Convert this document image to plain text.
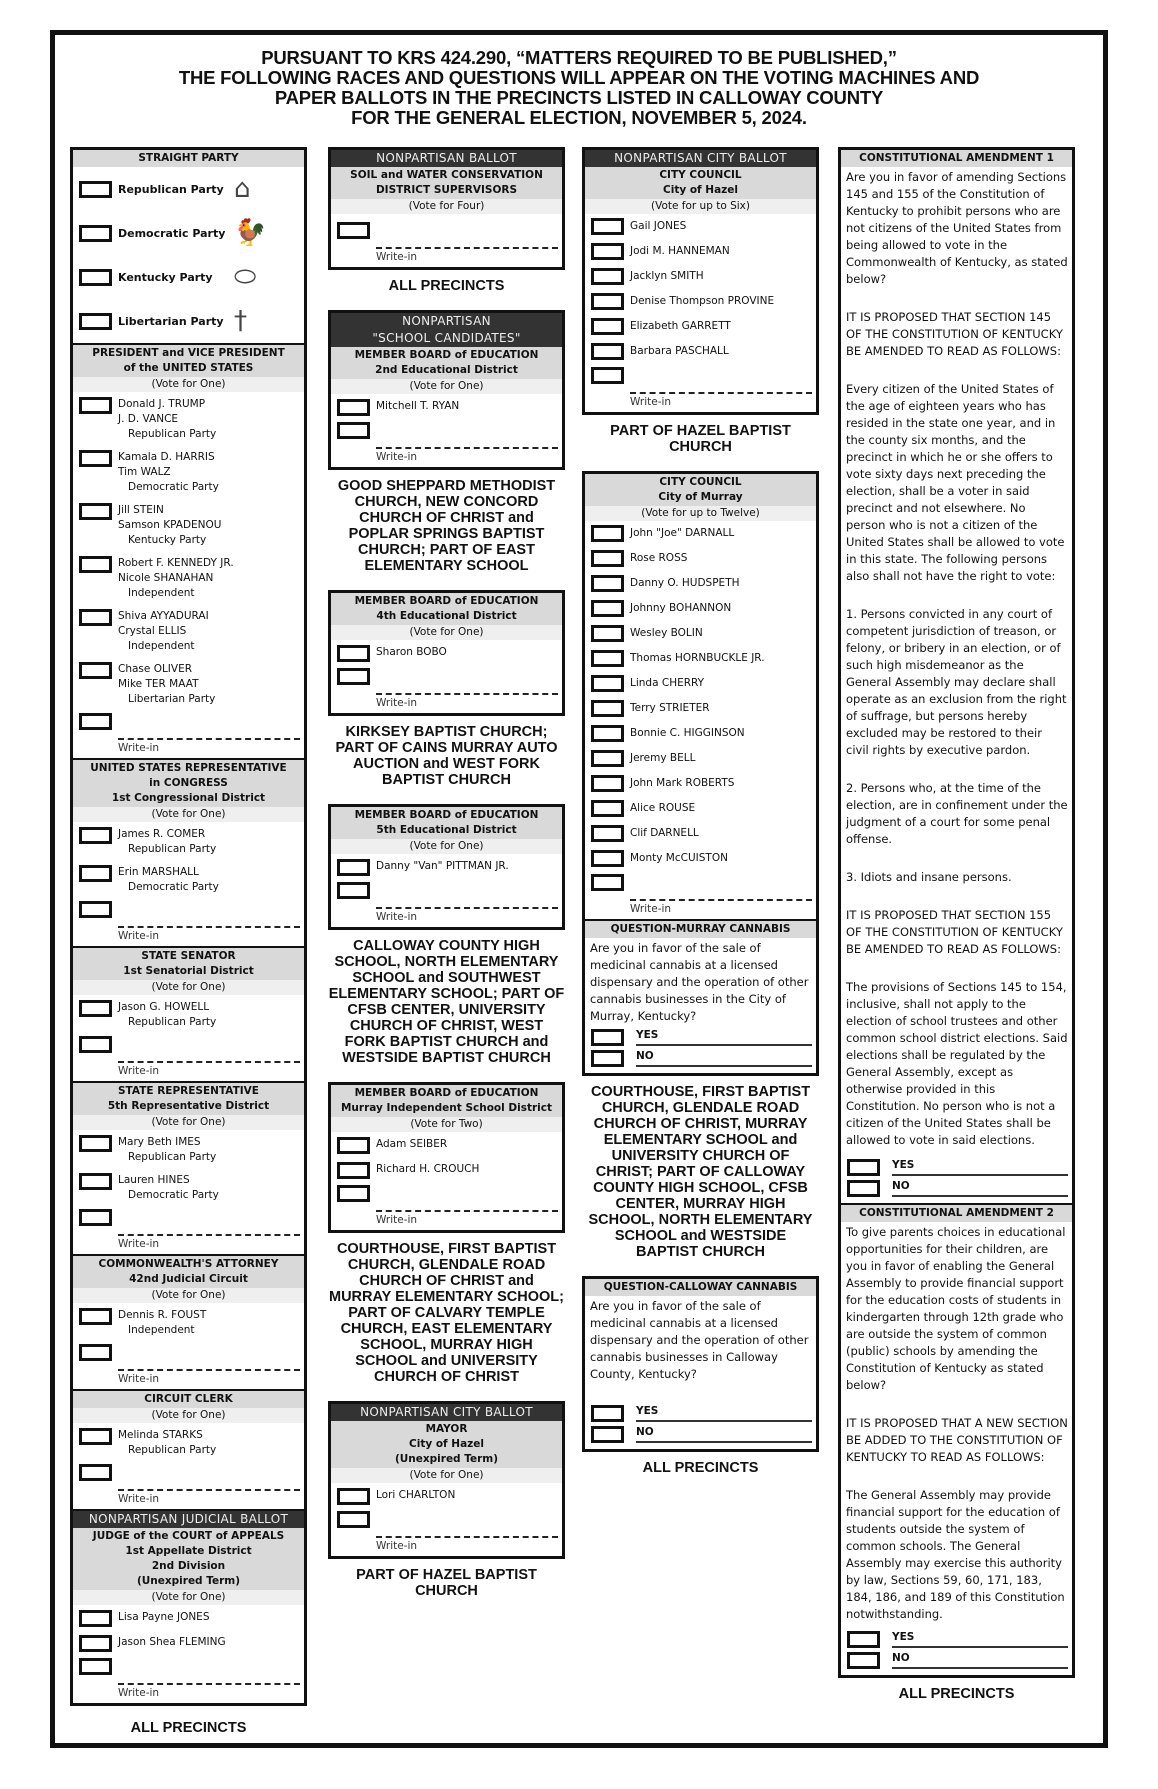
PURSUANT TO KRS 424.290, “MATTERS REQUIRED TO BE PUBLISHED,”
THE FOLLOWING RACES AND QUESTIONS WILL APPEAR ON THE VOTING MACHINES AND
PAPER BALLOTS IN THE PRECINCTS LISTED IN CALLOWAY COUNTY
FOR THE GENERAL ELECTION, NOVEMBER 5, 2024.
STRAIGHT PARTY
Republican Party ⌂
Democratic Party 🐓
Kentucky Party ⬭
Libertarian Party †
PRESIDENT and VICE PRESIDENT
of the UNITED STATES
(Vote for One)
Donald J. TRUMP
J. D. VANCE
Republican Party
Kamala D. HARRIS
Tim WALZ
Democratic Party
Jill STEIN
Samson KPADENOU
Kentucky Party
Robert F. KENNEDY JR.
Nicole SHANAHAN
Independent
Shiva AYYADURAI
Crystal ELLIS
Independent
Chase OLIVER
Mike TER MAAT
Libertarian Party
Write-in
UNITED STATES REPRESENTATIVE
in CONGRESS
1st Congressional District
(Vote for One)
James R. COMER
Republican Party
Erin MARSHALL
Democratic Party
Write-in
STATE SENATOR
1st Senatorial District
(Vote for One)
Jason G. HOWELL
Republican Party
Write-in
STATE REPRESENTATIVE
5th Representative District
(Vote for One)
Mary Beth IMES
Republican Party
Lauren HINES
Democratic Party
Write-in
COMMONWEALTH'S ATTORNEY
42nd Judicial Circuit
(Vote for One)
Dennis R. FOUST
Independent
Write-in
CIRCUIT CLERK
(Vote for One)
Melinda STARKS
Republican Party
Write-in
NONPARTISAN JUDICIAL BALLOT
JUDGE of the COURT of APPEALS
1st Appellate District
2nd Division
(Unexpired Term)
(Vote for One)
Lisa Payne JONES
Jason Shea FLEMING
Write-in
ALL PRECINCTS
NONPARTISAN BALLOT
SOIL and WATER CONSERVATION
DISTRICT SUPERVISORS
(Vote for Four)
Write-in
ALL PRECINCTS
NONPARTISAN
"SCHOOL CANDIDATES"
MEMBER BOARD of EDUCATION
2nd Educational District
(Vote for One)
Mitchell T. RYAN
Write-in
GOOD SHEPPARD METHODIST CHURCH, NEW CONCORD CHURCH OF CHRIST and POPLAR SPRINGS BAPTIST CHURCH; PART OF EAST ELEMENTARY SCHOOL
MEMBER BOARD of EDUCATION
4th Educational District
(Vote for One)
Sharon BOBO
Write-in
KIRKSEY BAPTIST CHURCH; PART OF CAINS MURRAY AUTO AUCTION and WEST FORK BAPTIST CHURCH
MEMBER BOARD of EDUCATION
5th Educational District
(Vote for One)
Danny "Van" PITTMAN JR.
Write-in
CALLOWAY COUNTY HIGH SCHOOL, NORTH ELEMENTARY SCHOOL and SOUTHWEST ELEMENTARY SCHOOL; PART OF CFSB CENTER, UNIVERSITY CHURCH OF CHRIST, WEST FORK BAPTIST CHURCH and WESTSIDE BAPTIST CHURCH
MEMBER BOARD of EDUCATION
Murray Independent School District
(Vote for Two)
Adam SEIBER
Richard H. CROUCH
Write-in
COURTHOUSE, FIRST BAPTIST CHURCH, GLENDALE ROAD CHURCH OF CHRIST and MURRAY ELEMENTARY SCHOOL; PART OF CALVARY TEMPLE CHURCH, EAST ELEMENTARY SCHOOL, MURRAY HIGH SCHOOL and UNIVERSITY CHURCH OF CHRIST
NONPARTISAN CITY BALLOT
MAYOR
City of Hazel
(Unexpired Term)
(Vote for One)
Lori CHARLTON
Write-in
PART OF HAZEL BAPTIST CHURCH
NONPARTISAN CITY BALLOT
CITY COUNCIL
City of Hazel
(Vote for up to Six)
Gail JONES
Jodi M. HANNEMAN
Jacklyn SMITH
Denise Thompson PROVINE
Elizabeth GARRETT
Barbara PASCHALL
Write-in
PART OF HAZEL BAPTIST CHURCH
CITY COUNCIL
City of Murray
(Vote for up to Twelve)
John "Joe" DARNALL
Rose ROSS
Danny O. HUDSPETH
Johnny BOHANNON
Wesley BOLIN
Thomas HORNBUCKLE JR.
Linda CHERRY
Terry STRIETER
Bonnie C. HIGGINSON
Jeremy BELL
John Mark ROBERTS
Alice ROUSE
Clif DARNELL
Monty McCUISTON
Write-in
QUESTION-MURRAY CANNABIS
Are you in favor of the sale of medicinal cannabis at a licensed dispensary and the operation of other cannabis businesses in the City of Murray, Kentucky?
YES
NO
COURTHOUSE, FIRST BAPTIST CHURCH, GLENDALE ROAD CHURCH OF CHRIST, MURRAY ELEMENTARY SCHOOL and UNIVERSITY CHURCH OF CHRIST; PART OF CALLOWAY COUNTY HIGH SCHOOL, CFSB CENTER, MURRAY HIGH SCHOOL, NORTH ELEMENTARY SCHOOL and WESTSIDE BAPTIST CHURCH
QUESTION-CALLOWAY CANNABIS
Are you in favor of the sale of medicinal cannabis at a licensed dispensary and the operation of other cannabis businesses in Calloway County, Kentucky?
YES
NO
ALL PRECINCTS
CONSTITUTIONAL AMENDMENT 1
Are you in favor of amending Sections 145 and 155 of the Constitution of Kentucky to prohibit persons who are not citizens of the United States from being allowed to vote in the Commonwealth of Kentucky, as stated below?
IT IS PROPOSED THAT SECTION 145 OF THE CONSTITUTION OF KENTUCKY BE AMENDED TO READ AS FOLLOWS:
Every citizen of the United States of the age of eighteen years who has resided in the state one year, and in the county six months, and the precinct in which he or she offers to vote sixty days next preceding the election, shall be a voter in said precinct and not elsewhere. No person who is not a citizen of the United States shall be allowed to vote in this state. The following persons also shall not have the right to vote:
1. Persons convicted in any court of competent jurisdiction of treason, or felony, or bribery in an election, or of such high misdemeanor as the General Assembly may declare shall operate as an exclusion from the right of suffrage, but persons hereby excluded may be restored to their civil rights by executive pardon.
2. Persons who, at the time of the election, are in confinement under the judgment of a court for some penal offense.
3. Idiots and insane persons.
IT IS PROPOSED THAT SECTION 155 OF THE CONSTITUTION OF KENTUCKY BE AMENDED TO READ AS FOLLOWS:
The provisions of Sections 145 to 154, inclusive, shall not apply to the election of school trustees and other common school district elections. Said elections shall be regulated by the General Assembly, except as otherwise provided in this Constitution. No person who is not a citizen of the United States shall be allowed to vote in said elections.
YES
NO
CONSTITUTIONAL AMENDMENT 2
To give parents choices in educational opportunities for their children, are you in favor of enabling the General Assembly to provide financial support for the education costs of students in kindergarten through 12th grade who are outside the system of common (public) schools by amending the Constitution of Kentucky as stated below?
IT IS PROPOSED THAT A NEW SECTION BE ADDED TO THE CONSTITUTION OF KENTUCKY TO READ AS FOLLOWS:
The General Assembly may provide financial support for the education of students outside the system of common schools. The General Assembly may exercise this authority by law, Sections 59, 60, 171, 183, 184, 186, and 189 of this Constitution notwithstanding.
YES
NO
ALL PRECINCTS
